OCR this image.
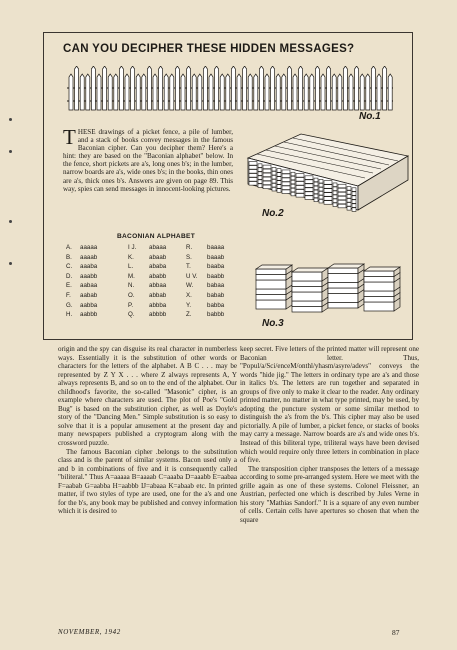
CAN YOU DECIPHER THESE HIDDEN MESSAGES?
No.1

THESE drawings of a picket fence, a pile of lumber, and a stack of books convey messages in the famous Baconian cipher. Can you decipher them? Here's a hint: they are based on the "Baconian alphabet" below. In the fence, short pickets are a's, long ones b's; in the lumber, narrow boards are a's, wide ones b's; in the books, thin ones are a's, thick ones b's. Answers are given on page 89. This way, spies can send messages in innocent-looking pictures.

No.2
BACONIAN ALPHABET
A. aaaaa
B. aaaab
C. aaaba
D. aaabb
E. aabaa
F. aabab
G. aabba
H. aabbb
I J. abaaa
K. abaab
L.	ababa
M. ababb
N. abbaa
O. abbab
P.	abbba
Q. abbbb
R. baaaa
S. baaab
T.	baaba
U V. baabb
W. babaa
X. babab
Y.	babba
Z.	babbb
No.3

origin and the spy can disguise its real character in numberless ways. Essentially it is the substitution of other words or characters for the letters of the alphabet. A B C . . . may be represented by Z Y X . . . where Z always represents A, Y always represents B, and so on to the end of the alphabet. Our childhood's favorite, the so-called "Masonic" cipher, is an example where characters are used. The plot of Poe's "Gold Bug" is based on the substitution cipher, as well as Doyle's story of the "Dancing Men." Simple substitution is so easy to solve that it is a popular amusement at the present day and many newspapers published a cryptogram along with the crossword puzzle.

The famous Baconian cipher .belongs to the substitution class and is the parent of similar systems. Bacon used only a and b in combinations of five and it is consequently called "biliteral." Thus A=aaaaa B=aaaab C=aaaba D=aaabb E=aabaa F=aabab G=aabba H=aabbb IJ=abaaa K=abaab etc. In printed matter, if two styles of type are used, one for the a's and one for the b's, any book may be published and convey information which it is desired to

keep secret. Five letters of the printed matter will represent one Baconian letter. Thus, "Popul/a/Sci/enceM/onthl/yhasm/asyre/adevs" conveys the words "hide jig." The letters in ordinary type are a's and those in italics b's. The letters are run together and separated in groups of five only to make it clear to the reader. Any ordinary printed matter, no matter in what type printed, may be used, by adopting the puncture system or some similar method to distinguish the a's from the b's. This cipher may also be used pictorially. A pile of lumber, a picket fence, or stacks of books may carry a message. Narrow boards are a's and wide ones b's. Instead of this biliteral type, triliteral ways have been devised which would require only three letters in combination in place of five.

The transposition cipher transposes the letters of a message according to some pre-arranged system. Here we meet with the grille again as one of these systems. Colonel Fleissner, an Austrian, perfected one which is described by Jules Verne in his story "Mathias Sandorf." It is a square of any even number of cells. Certain cells have apertures so chosen that when the square

NOVEMBER, 1942	87
